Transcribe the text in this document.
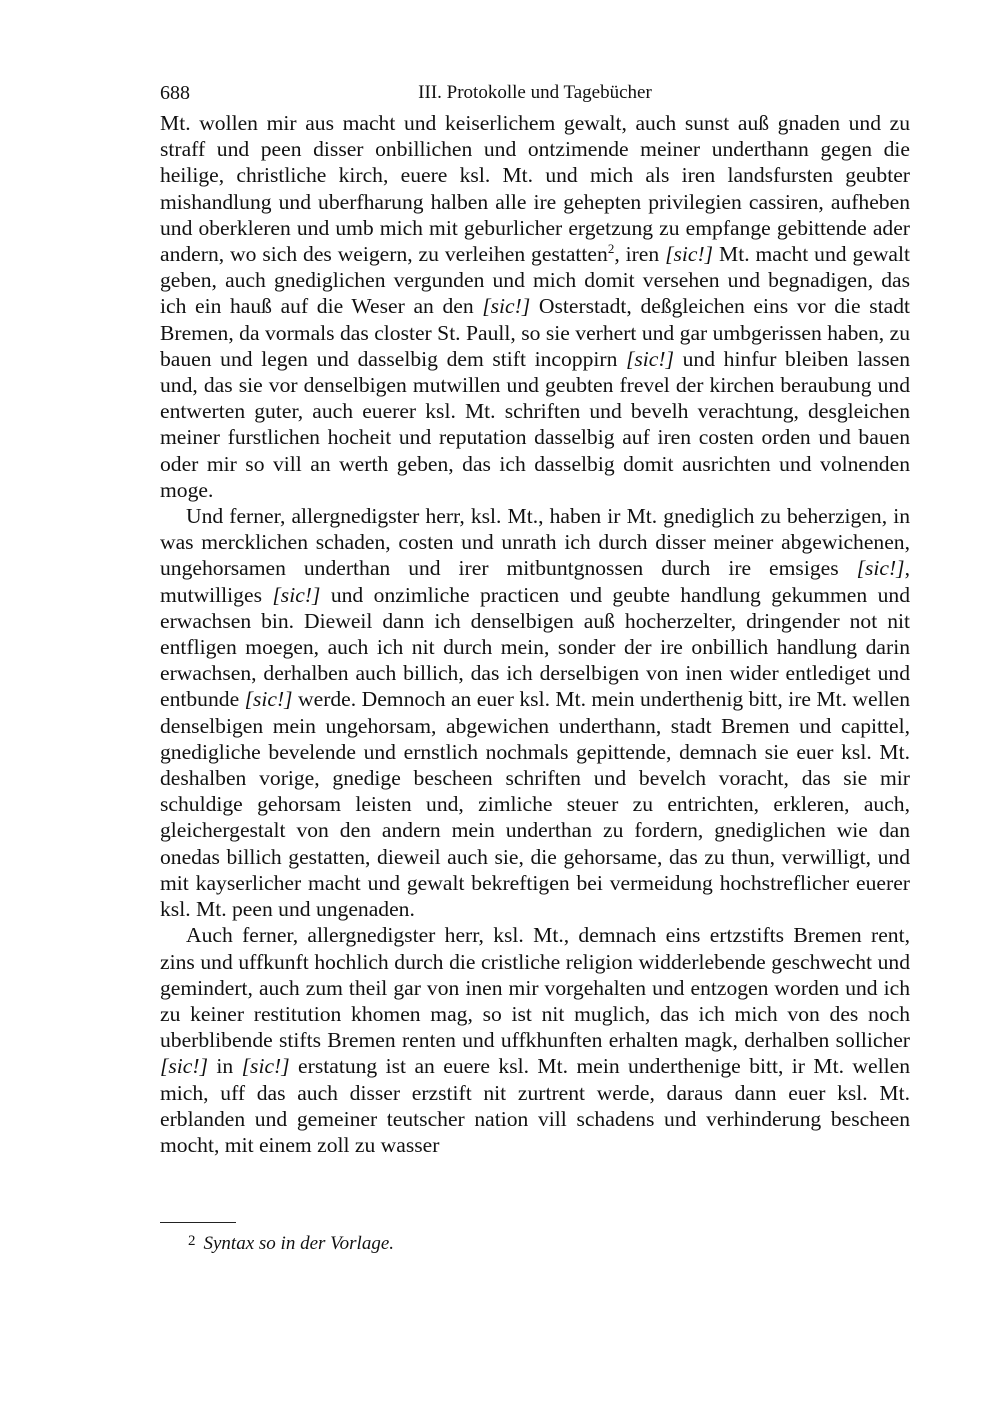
688	III. Protokolle und Tagebücher

Mt. wollen mir aus macht und keiserlichem gewalt, auch sunst auß gnaden und zu straff und peen disser onbillichen und ontzimende meiner underthann gegen die heilige, christliche kirch, euere ksl. Mt. und mich als iren landsfursten geubter mishandlung und uberfharung halben alle ire gehepten privilegien cassiren, aufheben und oberkleren und umb mich mit geburlicher ergetzung zu empfange gebittende ader andern, wo sich des weigern, zu verleihen gestatten$^2$, iren [sic!] Mt. macht und gewalt geben, auch gnediglichen vergunden und mich domit versehen und begnadigen, das ich ein hauß auf die Weser an den [sic!] Osterstadt, deßgleichen eins vor die stadt Bremen, da vormals das closter St. Paull, so sie verhert und gar umbgerissen haben, zu bauen und legen und dasselbig dem stift incoppirn [sic!] und hinfur bleiben lassen und, das sie vor denselbigen mutwillen und geubten frevel der kirchen beraubung und entwerten guter, auch euerer ksl. Mt. schriften und bevelh verachtung, desgleichen meiner furstlichen hocheit und reputation dasselbig auf iren costen orden und bauen oder mir so vill an werth geben, das ich dasselbig domit ausrichten und volnenden moge.

Und ferner, allergnedigster herr, ksl. Mt., haben ir Mt. gnediglich zu beherzigen, in was mercklichen schaden, costen und unrath ich durch disser meiner abgewichenen, ungehorsamen underthan und irer mitbuntgnossen durch ire emsiges [sic!], mutwilliges [sic!] und onzimliche practicen und geubte handlung gekummen und erwachsen bin. Dieweil dann ich denselbigen auß hocherzelter, dringender not nit entfligen moegen, auch ich nit durch mein, sonder der ire onbillich handlung darin erwachsen, derhalben auch billich, das ich derselbigen von inen wider entlediget und entbunde [sic!] werde. Demnoch an euer ksl. Mt. mein underthenig bitt, ire Mt. wellen denselbigen mein ungehorsam, abgewichen underthann, stadt Bremen und capittel, gnedigliche bevelende und ernstlich nochmals gepittende, demnach sie euer ksl. Mt. deshalben vorige, gnedige bescheen schriften und bevelch voracht, das sie mir schuldige gehorsam leisten und, zimliche steuer zu entrichten, erkleren, auch, gleichergestalt von den andern mein underthan zu fordern, gnediglichen wie dan onedas billich gestatten, dieweil auch sie, die gehorsame, das zu thun, verwilligt, und mit kayserlicher macht und gewalt bekreftigen bei vermeidung hochstreflicher euerer ksl. Mt. peen und ungenaden.

Auch ferner, allergnedigster herr, ksl. Mt., demnach eins ertzstifts Bremen rent, zins und uffkunft hochlich durch die cristliche religion widderlebende geschwecht und gemindert, auch zum theil gar von inen mir vorgehalten und entzogen worden und ich zu keiner restitution khomen mag, so ist nit muglich, das ich mich von des noch uberblibende stifts Bremen renten und uffkhunften erhalten magk, derhalben sollicher [sic!] in [sic!] erstatung ist an euere ksl. Mt. mein underthenige bitt, ir Mt. wellen mich, uff das auch disser erzstift nit zurtrent werde, daraus dann euer ksl. Mt. erblanden und gemeiner teutscher nation vill schadens und verhinderung bescheen mocht, mit einem zoll zu wasser

$^2$ Syntax so in der Vorlage.
